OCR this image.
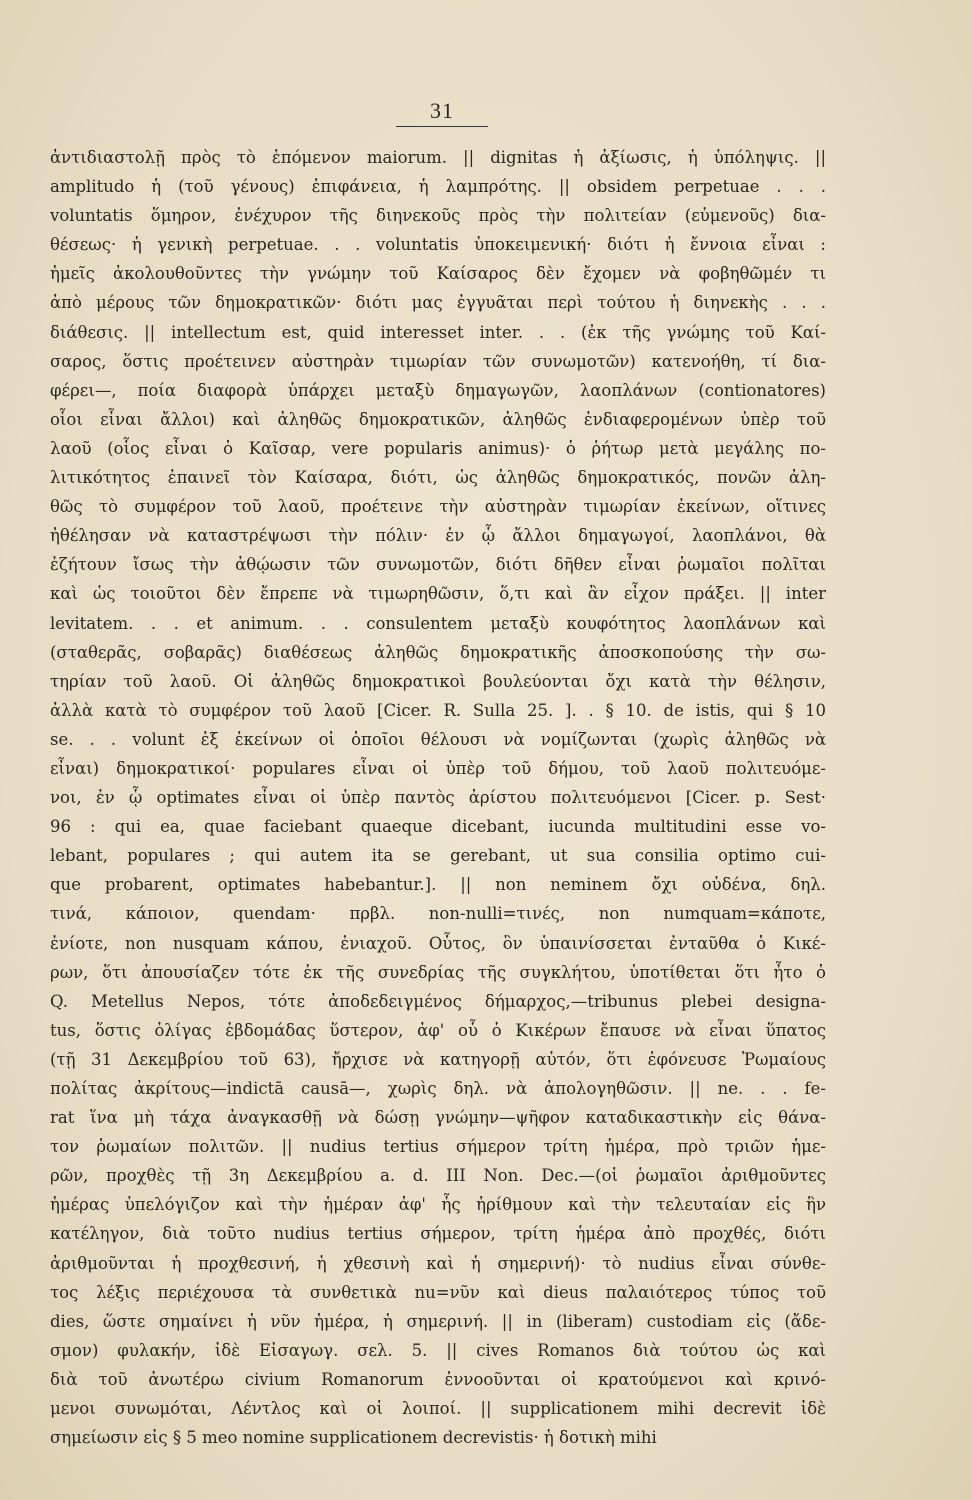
31
ἀντιδιαστολῇ πρὸς τὸ ἑπόμενον maiorum. || dignitas ἡ ἀξίωσις, ἡ ὑπόληψις. ||
amplitudo ἡ (τοῦ γένους) ἐπιφάνεια, ἡ λαμπρότης. || obsidem perpetuae . . .
voluntatis ὅμηρον, ἐνέχυρον τῆς διηνεκοῦς πρὸς τὴν πολιτείαν (εὐμενοῦς) δια-
θέσεως· ἡ γενικὴ perpetuae. . . voluntatis ὑποκειμενική· διότι ἡ ἔννοια εἶναι :
ἡμεῖς ἀκολουθοῦντες τὴν γνώμην τοῦ Καίσαρος δὲν ἔχομεν νὰ φοβηθῶμέν τι
ἀπὸ μέρους τῶν δημοκρατικῶν· διότι μας ἐγγυᾶται περὶ τούτου ἡ διηνεκὴς . . .
διάθεσις. || intellectum est, quid interesset inter. . . (ἐκ τῆς γνώμης τοῦ Καί-
σαρος, ὅστις προέτεινεν αὐστηρὰν τιμωρίαν τῶν συνωμοτῶν) κατενοήθη, τί δια-
φέρει—, ποία διαφορὰ ὑπάρχει μεταξὺ δημαγωγῶν, λαοπλάνων (contionatores)
οἷοι εἶναι ἄλλοι) καὶ ἀληθῶς δημοκρατικῶν, ἀληθῶς ἐνδιαφερομένων ὑπὲρ τοῦ
λαοῦ (οἷος εἶναι ὁ Καῖσαρ, vere popularis animus)· ὁ ῥήτωρ μετὰ μεγάλης πο-
λιτικότητος ἐπαινεῖ τὸν Καίσαρα, διότι, ὡς ἀληθῶς δημοκρατικός, πονῶν ἀλη-
θῶς τὸ συμφέρον τοῦ λαοῦ, προέτεινε τὴν αὐστηρὰν τιμωρίαν ἐκείνων, οἵτινες
ἠθέλησαν νὰ καταστρέψωσι τὴν πόλιν· ἐν ᾧ ἄλλοι δημαγωγοί, λαοπλάνοι, θὰ
ἐζήτουν ἴσως τὴν ἀθῴωσιν τῶν συνωμοτῶν, διότι δῆθεν εἶναι ῥωμαῖοι πολῖται
καὶ ὡς τοιοῦτοι δὲν ἔπρεπε νὰ τιμωρηθῶσιν, ὅ,τι καὶ ἂν εἶχον πράξει. || inter
levitatem. . . et animum. . . consulentem μεταξὺ κουφότητος λαοπλάνων καὶ
(σταθερᾶς, σοβαρᾶς) διαθέσεως ἀληθῶς δημοκρατικῆς ἀποσκοπούσης τὴν σω-
τηρίαν τοῦ λαοῦ. Οἱ ἀληθῶς δημοκρατικοὶ βουλεύονται ὄχι κατὰ τὴν θέλησιν,
ἀλλὰ κατὰ τὸ συμφέρον τοῦ λαοῦ [Cicer. R. Sulla 25. ]. . § 10. de istis, qui § 10
se. . . volunt ἐξ ἐκείνων οἱ ὁποῖοι θέλουσι νὰ νομίζωνται (χωρὶς ἀληθῶς νὰ
εἶναι) δημοκρατικοί· populares εἶναι οἱ ὑπὲρ τοῦ δήμου, τοῦ λαοῦ πολιτευόμε-
νοι, ἐν ᾧ optimates εἶναι οἱ ὑπὲρ παντὸς ἀρίστου πολιτευόμενοι [Cicer. p. Sest·
96 : qui ea, quae faciebant quaeque dicebant, iucunda multitudini esse vo-
lebant, populares ; qui autem ita se gerebant, ut sua consilia optimo cui-
que probarent, optimates habebantur.]. || non neminem ὄχι οὐδένα, δηλ.
τινά, κάποιον, quendam· πρβλ. non-nulli=τινές, non numquam=κάποτε,
ἐνίοτε, non nusquam κάπου, ἐνιαχοῦ. Οὗτος, ὃν ὑπαινίσσεται ἐνταῦθα ὁ Κικέ-
ρων, ὅτι ἀπουσίαζεν τότε ἐκ τῆς συνεδρίας τῆς συγκλήτου, ὑποτίθεται ὅτι ἦτο ὁ
Q. Metellus Nepos, τότε ἀποδεδειγμένος δήμαρχος,—tribunus plebei designa-
tus, ὅστις ὀλίγας ἑβδομάδας ὕστερον, ἀφ' οὗ ὁ Κικέρων ἔπαυσε νὰ εἶναι ὕπατος
(τῇ 31 Δεκεμβρίου τοῦ 63), ἤρχισε νὰ κατηγορῇ αὐτόν, ὅτι ἐφόνευσε Ῥωμαίους
πολίτας ἀκρίτους—indictā causā—, χωρὶς δηλ. νὰ ἀπολογηθῶσιν. || ne. . . fe-
rat ἵνα μὴ τάχα ἀναγκασθῇ νὰ δώσῃ γνώμην—ψῆφον καταδικαστικὴν εἰς θάνα-
τον ῥωμαίων πολιτῶν. || nudius tertius σήμερον τρίτη ἡμέρα, πρὸ τριῶν ἡμε-
ρῶν, προχθὲς τῇ 3η Δεκεμβρίου a. d. III Non. Dec.—(οἱ ῥωμαῖοι ἀριθμοῦντες
ἡμέρας ὑπελόγιζον καὶ τὴν ἡμέραν ἀφ' ἧς ἠρίθμουν καὶ τὴν τελευταίαν εἰς ἣν
κατέληγον, διὰ τοῦτο nudius tertius σήμερον, τρίτη ἡμέρα ἀπὸ προχθές, διότι
ἀριθμοῦνται ἡ προχθεσινή, ἡ χθεσινὴ καὶ ἡ σημερινή)· τὸ nudius εἶναι σύνθε-
τος λέξις περιέχουσα τὰ συνθετικὰ nu=νῦν καὶ dieus παλαιότερος τύπος τοῦ
dies, ὥστε σημαίνει ἡ νῦν ἡμέρα, ἡ σημερινή. || in (liberam) custodiam εἰς (ἄδε-
σμον) φυλακήν, ἰδὲ Εἰσαγωγ. σελ. 5. || cives Romanos διὰ τούτου ὡς καὶ
διὰ τοῦ ἀνωτέρω civium Romanorum ἐννοοῦνται οἱ κρατούμενοι καὶ κρινό-
μενοι συνωμόται, Λέντλος καὶ οἱ λοιποί. || supplicationem mihi decrevit ἰδὲ
σημείωσιν εἰς § 5 meo nomine supplicationem decrevistis· ἡ δοτικὴ mihi
